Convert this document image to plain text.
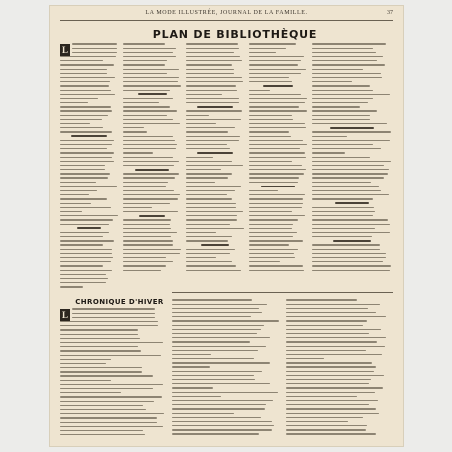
LA MODE ILLUSTRÉE, JOURNAL DE LA FAMILLE.	37
PLAN DE BIBLIOTHÈQUE
L
CHRONIQUE D'HIVER
L
